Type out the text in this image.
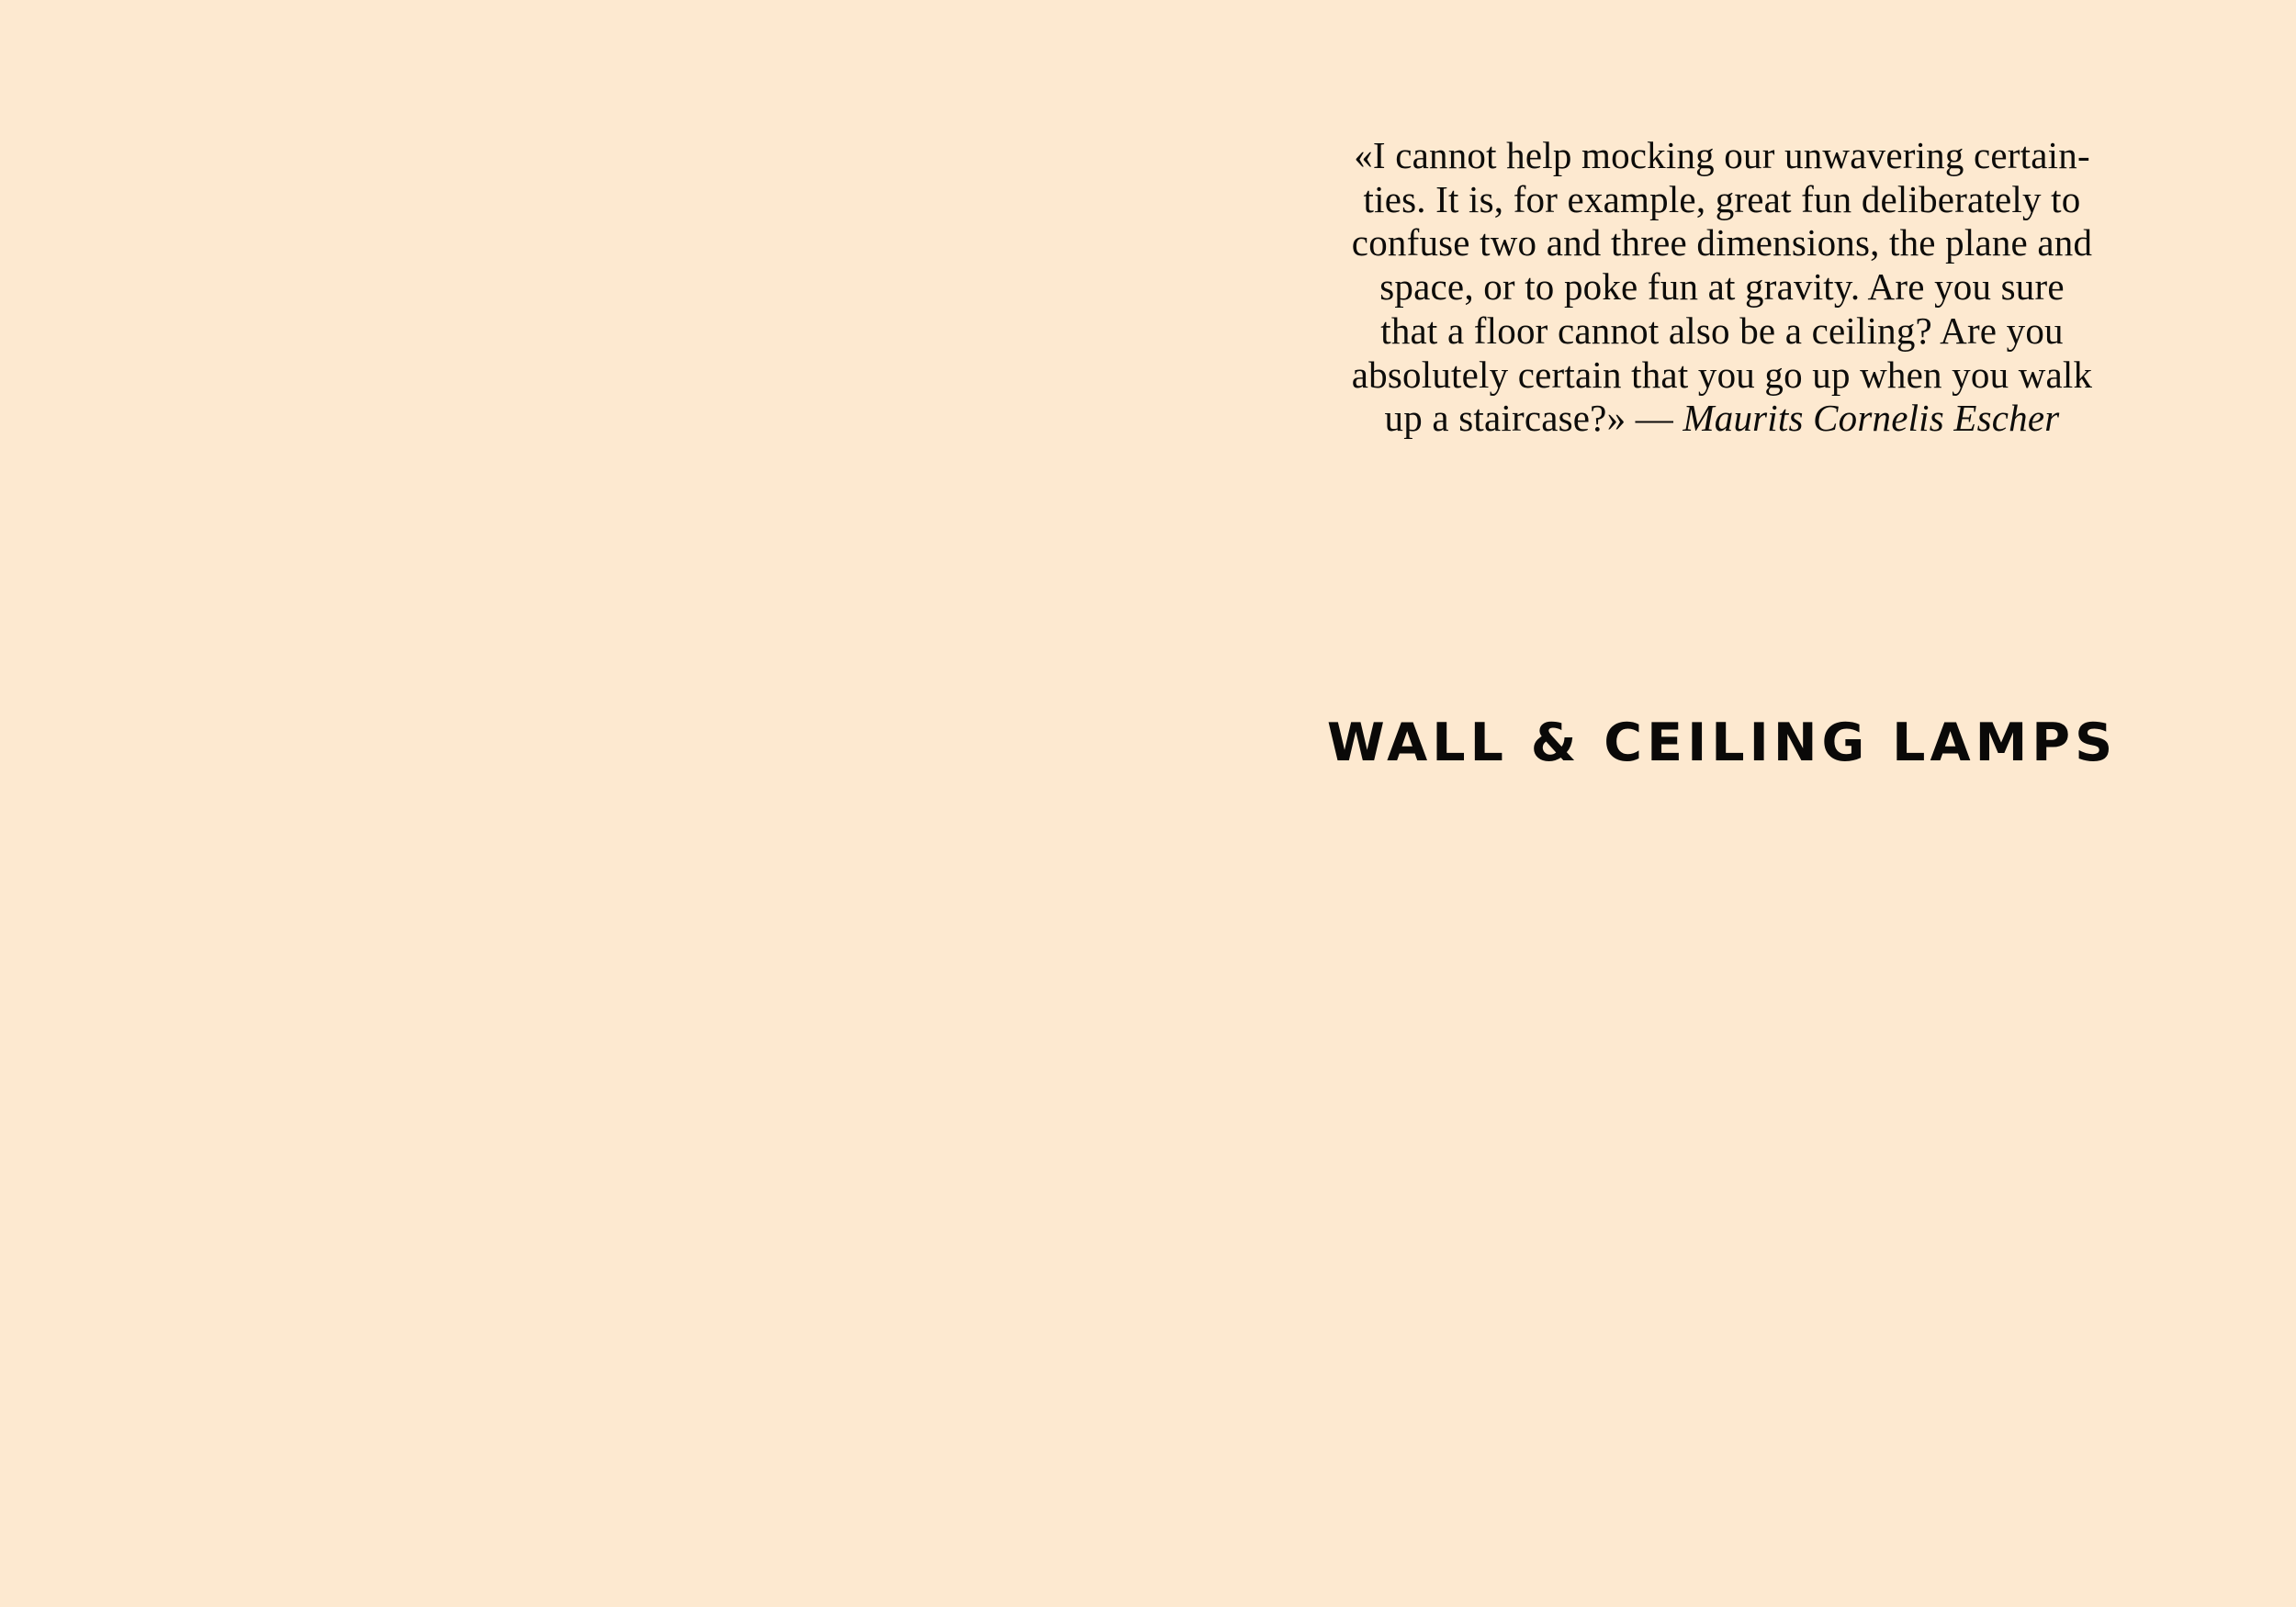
«I cannot help mocking our unwavering certain-
ties. It is, for example, great fun deliberately to
confuse two and three dimensions, the plane and
space, or to poke fun at gravity. Are you sure
that a floor cannot also be a ceiling? Are you
absolutely certain that you go up when you walk
up a staircase?» — Maurits Cornelis Escher

WALL & CEILING LAMPS
